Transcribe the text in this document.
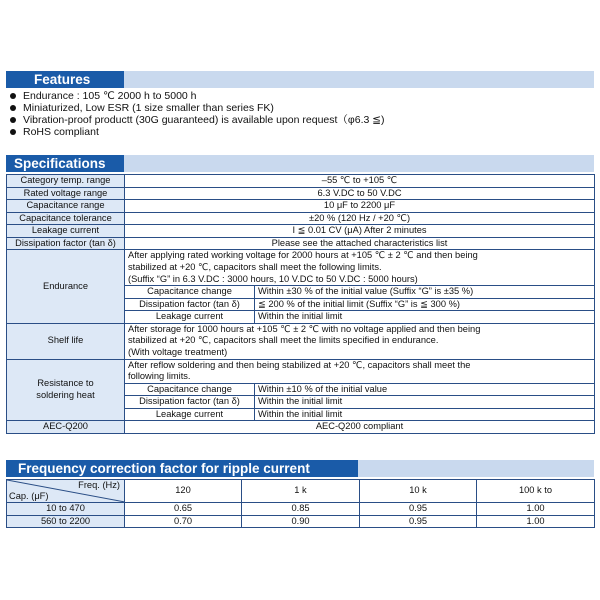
Features
Endurance : 105 ℃ 2000 h to 5000 h
Miniaturized, Low ESR (1 size smaller than series FK)
Vibration-proof productt (30G guaranteed) is available upon request（φ6.3 ≦)
RoHS compliant
Specifications
Category temp. range	–55 ℃ to +105 ℃	
Rated voltage range	6.3 V.DC to 50 V.DC	
Capacitance range	10 μF to 2200 μF	
Capacitance tolerance	±20 % (120 Hz / +20 ℃)	
Leakage current	I ≦ 0.01 CV (μA) After 2 minutes	
Dissipation factor (tan δ)	Please see the attached characteristics list	
Endurance	After applying rated working voltage for 2000 hours at +105 ℃ ± 2 ℃ and then being	
	stabilized at +20 ℃, capacitors shall meet the following limits.	
	(Suffix “G” in 6.3 V.DC : 3000 hours, 10 V.DC to 50 V.DC : 5000 hours)	
	Capacitance change	Within ±30 % of the initial value (Suffix “G” is ±35 %)
	Dissipation factor (tan δ)	≦ 200 % of the initial limit (Suffix “G” is ≦ 300 %)
	Leakage current	Within the initial limit
Shelf life	After storage for 1000 hours at +105 ℃ ± 2 ℃ with no voltage applied and then being	
	stabilized at +20 ℃, capacitors shall meet the limits specified in endurance.	
	(With voltage treatment)	

Resistance to
soldering heat	After reflow soldering and then being stabilized at +20 ℃, capacitors shall meet the	
	following limits.	
	Capacitance change	Within ±10 % of the initial value
	Dissipation factor (tan δ)	Within the initial limit
	Leakage current	Within the initial limit
AEC-Q200	AEC-Q200 compliant	
Frequency correction factor for ripple current
Freq. (Hz)
Cap. (μF)	120	1 k	10 k	100 k to
10 to 470	0.65	0.85	0.95	1.00
560 to 2200	0.70	0.90	0.95	1.00
